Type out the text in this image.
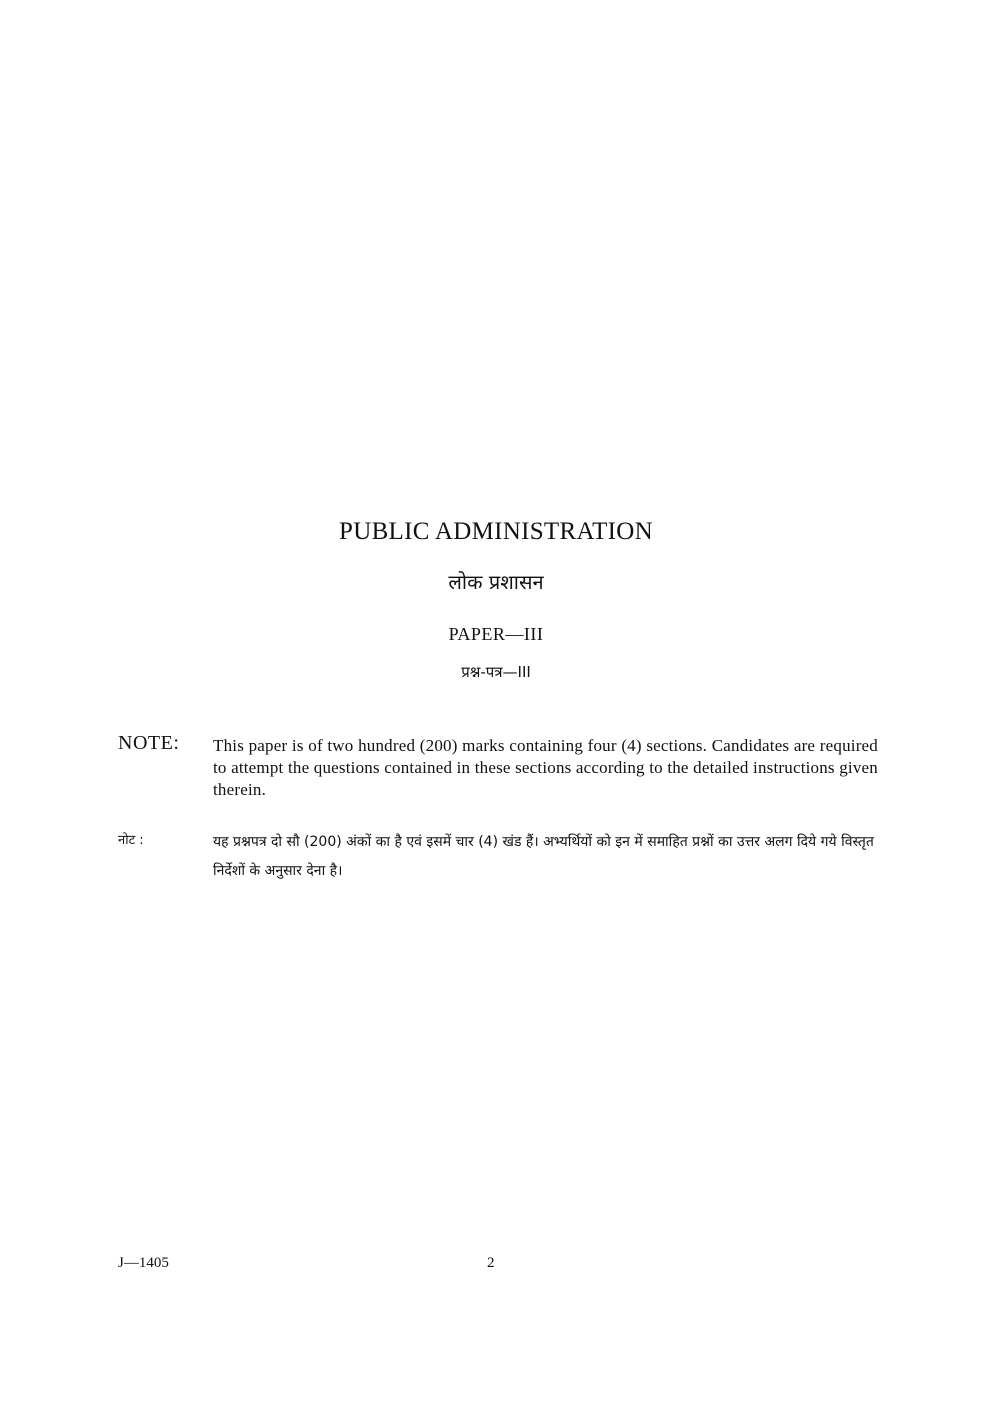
PUBLIC ADMINISTRATION
लोक प्रशासन
PAPER—III
प्रश्न-पत्र—III
NOTE: This paper is of two hundred (200) marks containing four (4) sections. Candidates are required to attempt the questions contained in these sections according to the detailed instructions given therein.
नोट :	यह प्रश्नपत्र दो सौ (200) अंकों का है एवं इसमें चार (4) खंड हैं। अभ्यर्थियों को इन में समाहित प्रश्नों का उत्तर अलग दिये गये विस्तृत निर्देशों के अनुसार देना है।
J—1405	2
